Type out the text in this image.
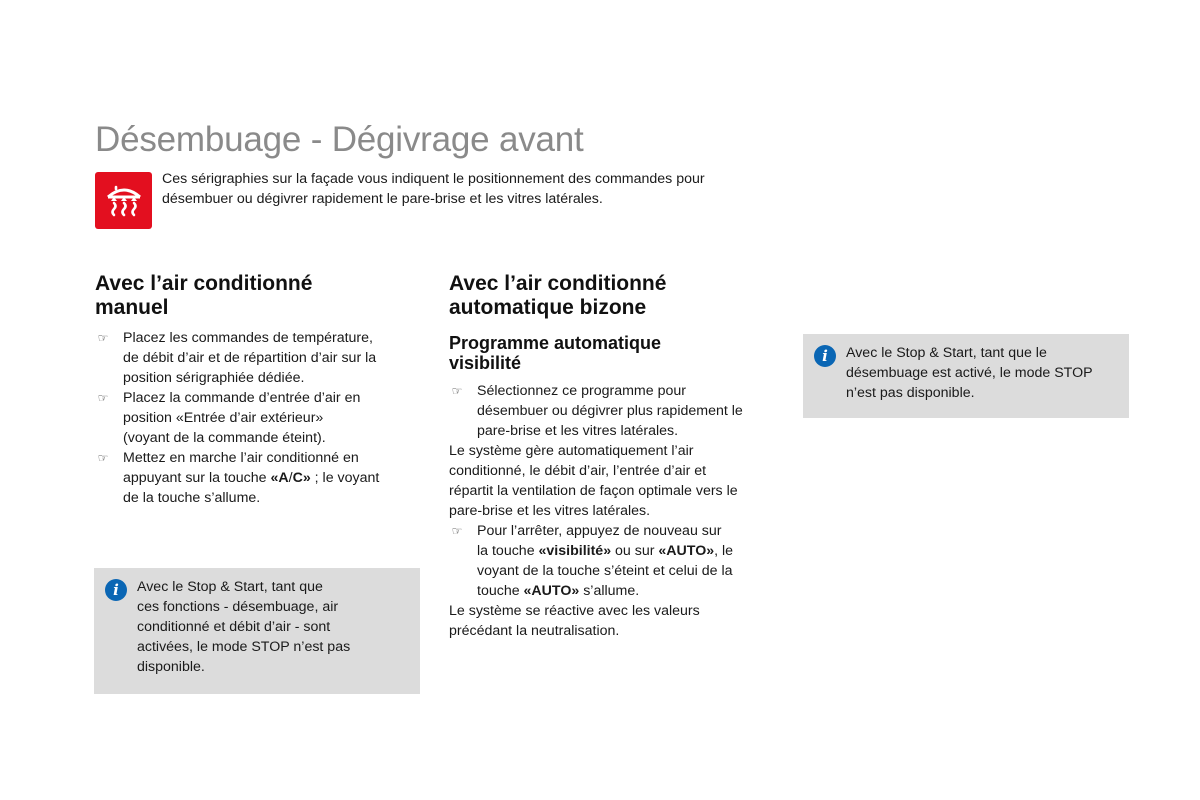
Désembuage - Dégivrage avant
Ces sérigraphies sur la façade vous indiquent le positionnement des commandes pour
désembuer ou dégivrer rapidement le pare-brise et les vitres latérales.
Avec l’air conditionné
manuel
☞ Placez les commandes de température,
de débit d’air et de répartition d’air sur la
position sérigraphiée dédiée.
☞ Placez la commande d’entrée d’air en
position «Entrée d’air extérieur»
(voyant de la commande éteint).
☞ Mettez en marche l’air conditionné en
appuyant sur la touche «A/C» ; le voyant
de la touche s’allume.
i	Avec le Stop & Start, tant que
ces fonctions - désembuage, air
conditionné et débit d’air - sont
activées, le mode STOP n’est pas
disponible.
Avec l’air conditionné
automatique bizone
Programme automatique
visibilité
☞ Sélectionnez ce programme pour
désembuer ou dégivrer plus rapidement le
pare-brise et les vitres latérales.
Le système gère automatiquement l’air
conditionné, le débit d’air, l’entrée d’air et
répartit la ventilation de façon optimale vers le
pare-brise et les vitres latérales.
☞ Pour l’arrêter, appuyez de nouveau sur
la touche «visibilité» ou sur «AUTO», le
voyant de la touche s’éteint et celui de la
touche «AUTO» s’allume.
Le système se réactive avec les valeurs
précédant la neutralisation.
i	Avec le Stop & Start, tant que le
désembuage est activé, le mode STOP
n’est pas disponible.
